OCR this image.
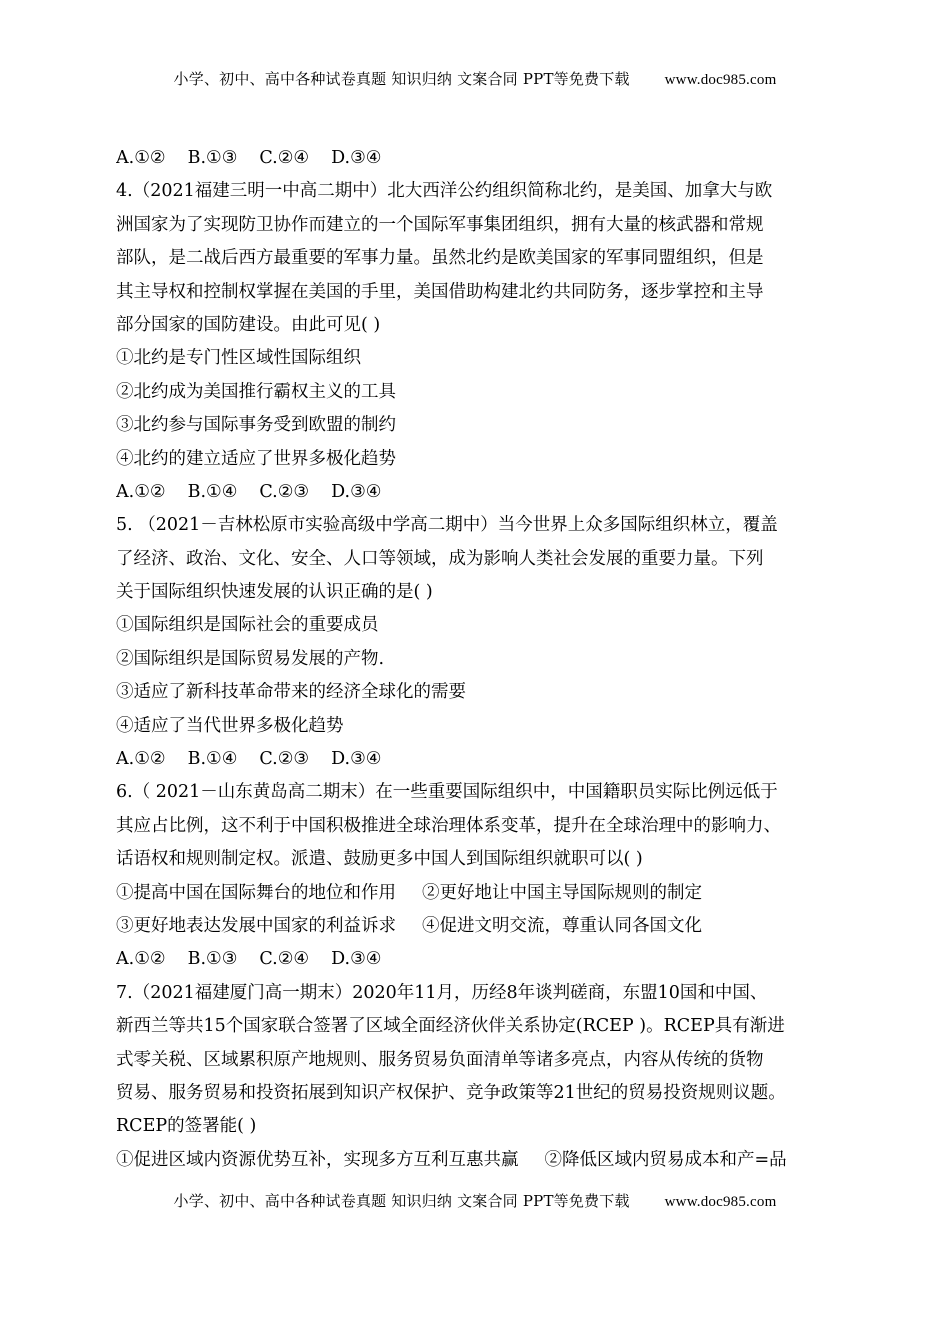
小学、初中、高中各种试卷真题 知识归纳 文案合同 PPT等免费下载 www.doc985.com
A.①② B.①③ C.②④ D.③④
4.（2021福建三明一中高二期中）北大西洋公约组织简称北约，是美国、加拿大与欧
洲国家为了实现防卫协作而建立的一个国际军事集团组织，拥有大量的核武器和常规
部队，是二战后西方最重要的军事力量。虽然北约是欧美国家的军事同盟组织，但是
其主导权和控制权掌握在美国的手里，美国借助构建北约共同防务，逐步掌控和主导
部分国家的国防建设。由此可见( )
①北约是专门性区域性国际组织
②北约成为美国推行霸权主义的工具
③北约参与国际事务受到欧盟的制约
④北约的建立适应了世界多极化趋势
A.①② B.①④ C.②③ D.③④
5. （2021－吉林松原市实验高级中学高二期中）当今世界上众多国际组织林立，覆盖
了经济、政治、文化、安全、人口等领域，成为影响人类社会发展的重要力量。下列
关于国际组织快速发展的认识正确的是( )
①国际组织是国际社会的重要成员
②国际组织是国际贸易发展的产物.
③适应了新科技革命带来的经济全球化的需要
④适应了当代世界多极化趋势
A.①② B.①④ C.②③ D.③④
6.（ 2021－山东黄岛高二期末）在一些重要国际组织中，中国籍职员实际比例远低于
其应占比例，这不利于中国积极推进全球治理体系变革，提升在全球治理中的影响力、
话语权和规则制定权。派遣、鼓励更多中国人到国际组织就职可以( )
①提高中国在国际舞台的地位和作用 ②更好地让中国主导国际规则的制定
③更好地表达发展中国家的利益诉求 ④促进文明交流，尊重认同各国文化
A.①② B.①③ C.②④ D.③④
7.（2021福建厦门高一期末）2020年11月，历经8年谈判磋商，东盟10国和中国、
新西兰等共15个国家联合签署了区域全面经济伙伴关系协定(RCEP )。RCEP具有渐进
式零关税、区域累积原产地规则、服务贸易负面清单等诸多亮点，内容从传统的货物
贸易、服务贸易和投资拓展到知识产权保护、竞争政策等21世纪的贸易投资规则议题。
RCEP的签署能( )
①促进区域内资源优势互补，实现多方互利互惠共赢 ②降低区域内贸易成本和产=品
小学、初中、高中各种试卷真题 知识归纳 文案合同 PPT等免费下载 www.doc985.com
